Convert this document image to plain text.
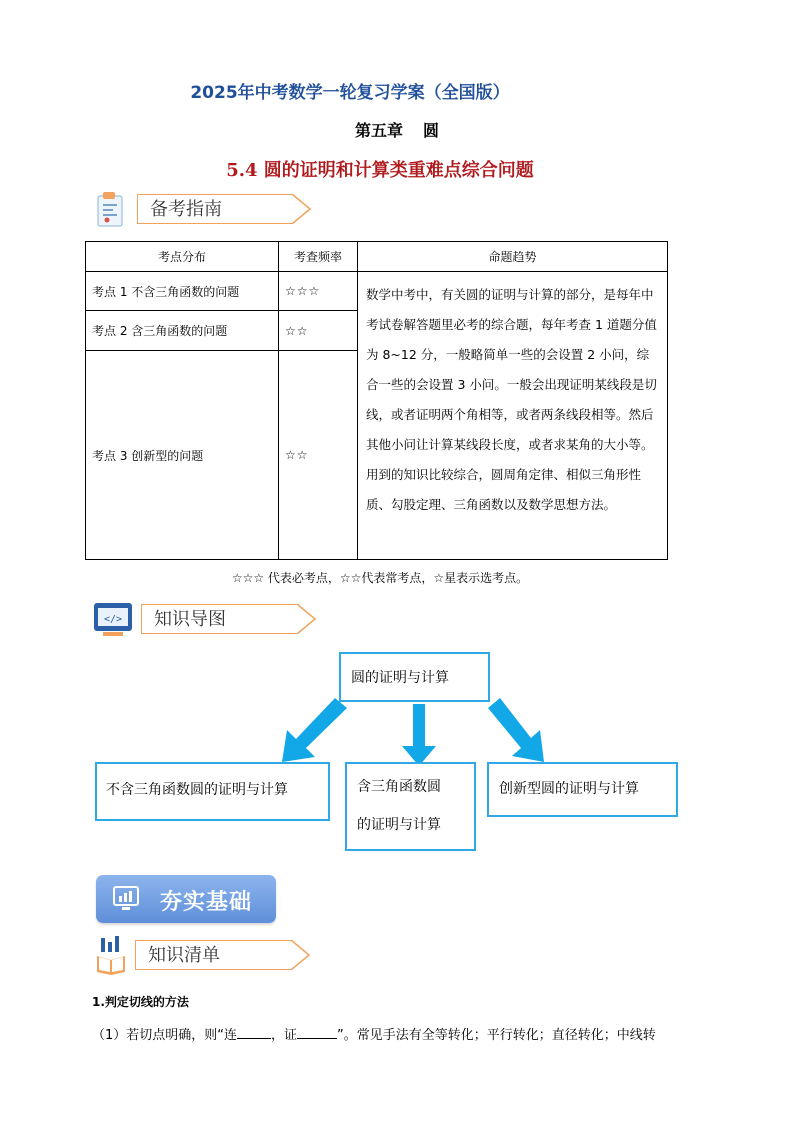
2025年中考数学一轮复习学案（全国版）
第五章 圆
5.4 圆的证明和计算类重难点综合问题
备考指南
考点分布	考查频率	命题趋势
考点 1 不含三角函数的问题	☆☆☆	数学中考中，有关圆的证明与计算的部分，是每年中考试卷解答题里必考的综合题，每年考查 1 道题分值为 8~12 分，一般略简单一些的会设置 2 小问，综合一些的会设置 3 小问。一般会出现证明某线段是切线，或者证明两个角相等，或者两条线段相等。然后其他小问让计算某线段长度，或者求某角的大小等。用到的知识比较综合，圆周角定律、相似三角形性质、勾股定理、三角函数以及数学思想方法。
考点 2 含三角函数的问题	☆☆	
考点 3 创新型的问题	☆☆	
☆☆☆ 代表必考点，☆☆代表常考点，☆星表示选考点。
</>	知识导图
圆的证明与计算
不含三角函数圆的证明与计算	含三角函数圆
的证明与计算
创新型圆的证明与计算
夯实基础
知识清单
1.判定切线的方法
（1）若切点明确，则“连	，证	”。常见手法有全等转化；平行转化；直径转化；中线转
